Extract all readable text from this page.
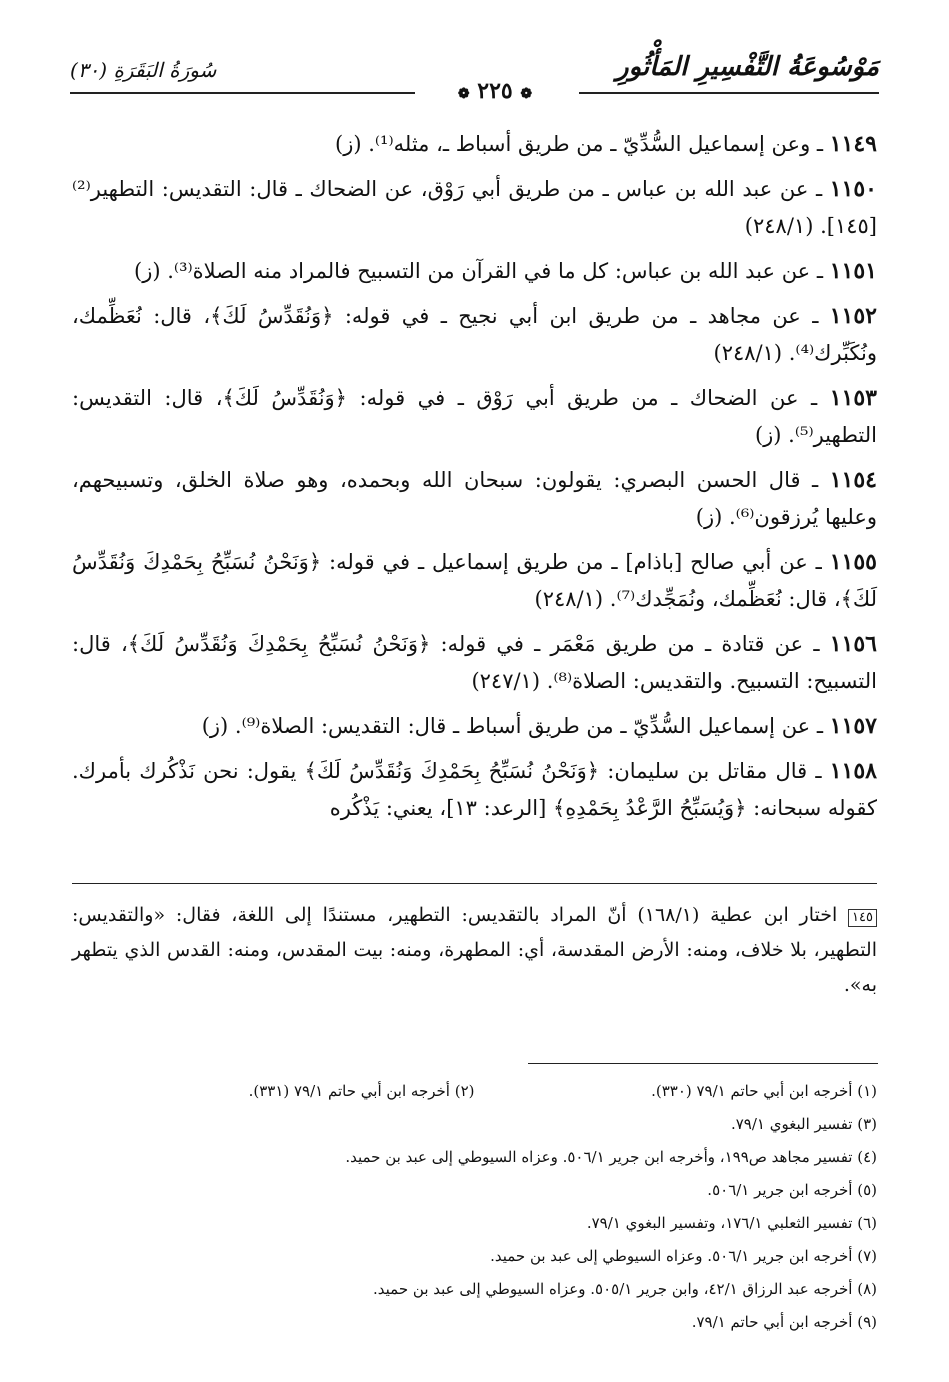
مَوْسُوعَةُ التَّفْسِيرِ المَأْثُورِ
سُورَةُ البَقَرَةِ (٣٠)
❁ ٢٢٥ ❁
١١٤٩ ـ وعن إسماعيل السُّدِّيّ ـ من طريق أسباط ـ، مثله⁽¹⁾. (ز)
١١٥٠ ـ عن عبد الله بن عباس ـ من طريق أبي رَوْق، عن الضحاك ـ قال: التقديس: التطهير⁽²⁾[١٤٥]. (٢٤٨/١)
١١٥١ ـ عن عبد الله بن عباس: كل ما في القرآن من التسبيح فالمراد منه الصلاة⁽³⁾. (ز)
١١٥٢ ـ عن مجاهد ـ من طريق ابن أبي نجيح ـ في قوله: ﴿وَنُقَدِّسُ لَكَ﴾، قال: نُعَظِّمك، ونُكَبِّرك⁽⁴⁾. (٢٤٨/١)
١١٥٣ ـ عن الضحاك ـ من طريق أبي رَوْق ـ في قوله: ﴿وَنُقَدِّسُ لَكَ﴾، قال: التقديس: التطهير⁽⁵⁾. (ز)
١١٥٤ ـ قال الحسن البصري: يقولون: سبحان الله وبحمده، وهو صلاة الخلق، وتسبيحهم، وعليها يُرزقون⁽⁶⁾. (ز)
١١٥٥ ـ عن أبي صالح [باذام] ـ من طريق إسماعيل ـ في قوله: ﴿وَنَحْنُ نُسَبِّحُ بِحَمْدِكَ وَنُقَدِّسُ لَكَ﴾، قال: نُعَظِّمك، ونُمَجِّدك⁽⁷⁾. (٢٤٨/١)
١١٥٦ ـ عن قتادة ـ من طريق مَعْمَر ـ في قوله: ﴿وَنَحْنُ نُسَبِّحُ بِحَمْدِكَ وَنُقَدِّسُ لَكَ﴾، قال: التسبيح: التسبيح. والتقديس: الصلاة⁽⁸⁾. (٢٤٧/١)
١١٥٧ ـ عن إسماعيل السُّدِّيّ ـ من طريق أسباط ـ قال: التقديس: الصلاة⁽⁹⁾. (ز)
١١٥٨ ـ قال مقاتل بن سليمان: ﴿وَنَحْنُ نُسَبِّحُ بِحَمْدِكَ وَنُقَدِّسُ لَكَ﴾ يقول: نحن نَذْكُرك بأمرك. كقوله سبحانه: ﴿وَيُسَبِّحُ الرَّعْدُ بِحَمْدِهِ﴾ [الرعد: ١٣]، يعني: يَذْكُره
١٤٥ اختار ابن عطية (١٦٨/١) أنّ المراد بالتقديس: التطهير، مستندًا إلى اللغة، فقال: «والتقديس: التطهير، بلا خلاف، ومنه: الأرض المقدسة، أي: المطهرة، ومنه: بيت المقدس، ومنه: القدس الذي يتطهر به».
(١) أخرجه ابن أبي حاتم ٧٩/١ (٣٣٠).
(٢) أخرجه ابن أبي حاتم ٧٩/١ (٣٣١).
(٣) تفسير البغوي ٧٩/١.
(٤) تفسير مجاهد ص١٩٩، وأخرجه ابن جرير ٥٠٦/١. وعزاه السيوطي إلى عبد بن حميد.
(٥) أخرجه ابن جرير ٥٠٦/١.
(٦) تفسير الثعلبي ١٧٦/١، وتفسير البغوي ٧٩/١.
(٧) أخرجه ابن جرير ٥٠٦/١. وعزاه السيوطي إلى عبد بن حميد.
(٨) أخرجه عبد الرزاق ٤٢/١، وابن جرير ٥٠٥/١. وعزاه السيوطي إلى عبد بن حميد.
(٩) أخرجه ابن أبي حاتم ٧٩/١.
